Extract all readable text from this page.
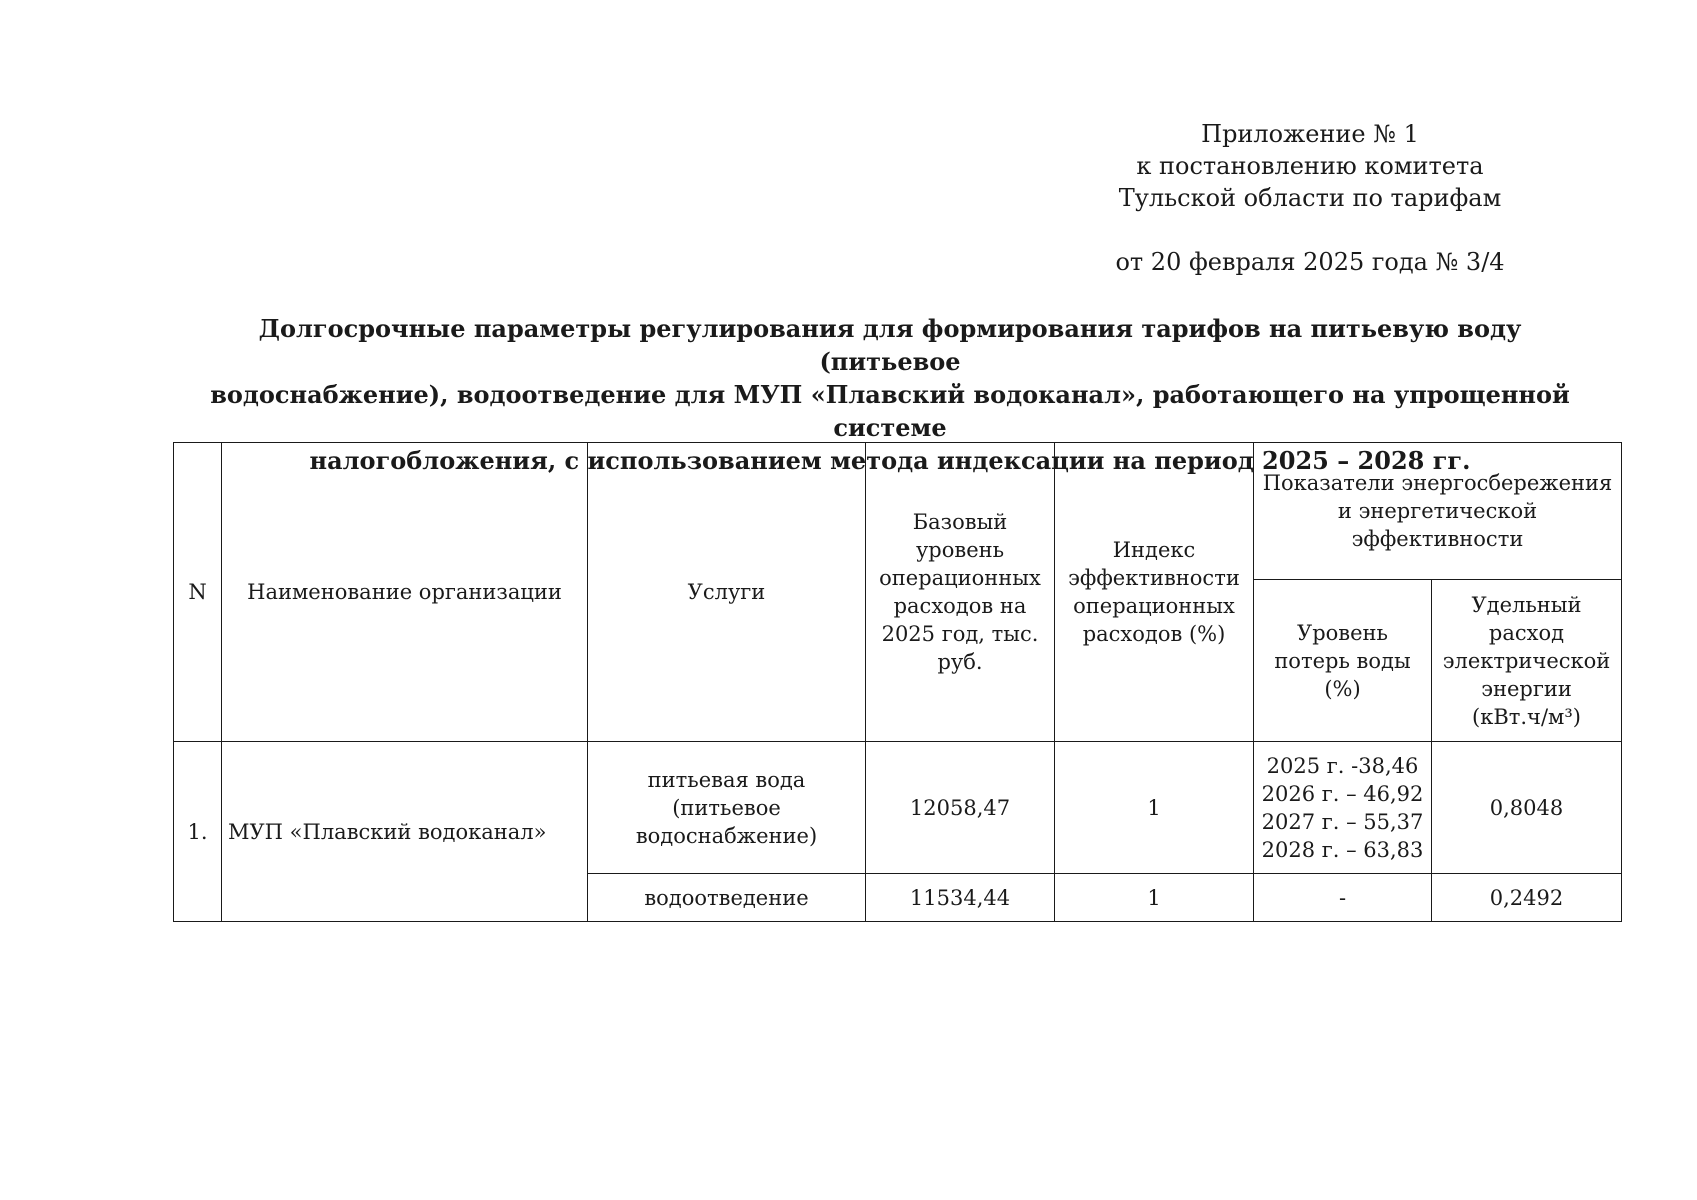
Приложение № 1
к постановлению комитета
Тульской области по тарифам
от 20 февраля 2025 года № 3/4
Долгосрочные параметры регулирования для формирования тарифов на питьевую воду (питьевое
водоснабжение), водоотведение для МУП «Плавский водоканал», работающего на упрощенной системе
налогобложения, с использованием метода индексации на период 2025 – 2028 гг.
N	Наименование организации	Услуги	Базовый уровень операционных расходов на 2025 год, тыс. руб.	Индекс эффективности операционных расходов (%)	Показатели энергосбережения и энергетической эффективности	
					Уровень потерь воды (%)	Удельный расход электрической энергии
(кВт.ч/м³)

1.	МУП «Плавский водоканал»	питьевая вода (питьевое водоснабжение)	12058,47	1	2025 г. -38,46
2026 г. – 46,92
2027 г. – 55,37
2028 г. – 63,83	0,8048
		водоотведение	11534,44	1	-	0,2492
